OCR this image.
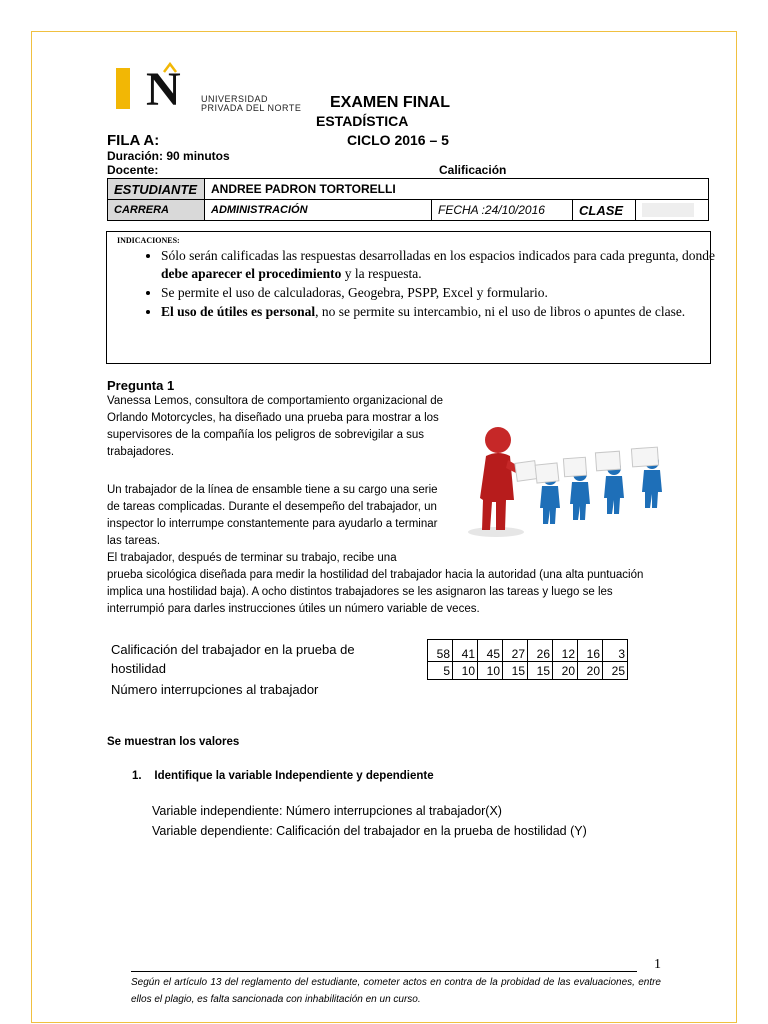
N UNIVERSIDAD
PRIVADA DEL NORTE EXAMEN FINAL
ESTADÍSTICA
FILA A:	CICLO 2016 – 5
Duración: 90 minutos
Docente:	Calificación
ESTUDIANTE	ANDREE PADRON TORTORELLI			
CARRERA	ADMINISTRACIÓN	FECHA :24/10/2016	CLASE	
INDICACIONES:
• Sólo serán calificadas las respuestas desarrolladas en los espacios indicados para cada pregunta, donde debe aparecer el procedimiento y la respuesta.
• Se permite el uso de calculadoras, Geogebra, PSPP, Excel y formulario.
• El uso de útiles es personal, no se permite su intercambio, ni el uso de libros o apuntes de clase.
Pregunta 1
Vanessa Lemos, consultora de comportamiento organizacional de Orlando Motorcycles, ha diseñado una prueba para mostrar a los supervisores de la compañía los peligros de sobrevigilar a sus trabajadores.
Un trabajador de la línea de ensamble tiene a su cargo una serie de tareas complicadas. Durante el desempeño del trabajador, un inspector lo interrumpe constantemente para ayudarlo a terminar las tareas.
El trabajador, después de terminar su trabajo, recibe una
prueba sicológica diseñada para medir la hostilidad del trabajador hacia la autoridad (una alta puntuación implica una hostilidad baja). A ocho distintos trabajadores se les asignaron las tareas y luego se les interrumpió para darles instrucciones útiles un número variable de veces.
Calificación del trabajador en la prueba de
hostilidad
Número interrupciones al trabajador
58	41	45	27	26	12	16	3
5	10	10	15	15	20	20	25
Se muestran los valores
1.    Identifique la variable Independiente y dependiente
Variable independiente: Número interrupciones al trabajador(X)
Variable dependiente: Calificación del trabajador en la prueba de hostilidad (Y)
1
Según el artículo 13 del reglamento del estudiante, cometer actos en contra de la probidad de las evaluaciones, entre ellos el plagio, es falta sancionada con inhabilitación en un curso.
